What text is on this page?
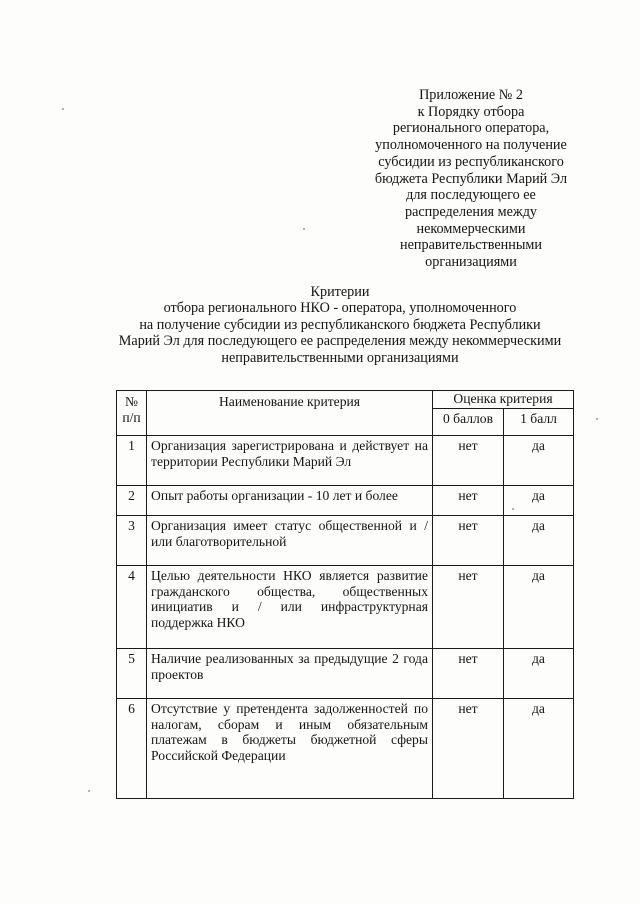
Приложение № 2
к Порядку отбора
регионального оператора,
уполномоченного на получение
субсидии из республиканского
бюджета Республики Марий Эл
для последующего ее
распределения между
некоммерческими
неправительственными
организациями
Критерии
отбора регионального НКО - оператора, уполномоченного
на получение субсидии из республиканского бюджета Республики
Марий Эл для последующего ее распределения между некоммерческими
неправительственными организациями
№
п/п	Наименование критерия	Оценка критерия	
		0 баллов	1 балл
1	Организация зарегистрирована и действует на территории Республики Марий Эл	нет	да
2	Опыт работы организации - 10 лет и более	нет	да
3	Организация имеет статус общественной и / или благотворительной	нет	да
4	Целью деятельности НКО является развитие гражданского общества, общественных инициатив и / или инфраструктурная поддержка НКО	нет	да
5	Наличие реализованных за предыдущие 2 года проектов	нет	да
6	Отсутствие у претендента задолженностей по налогам, сборам и иным обязательным платежам в бюджеты бюджетной сферы Российской Федерации	нет	да
